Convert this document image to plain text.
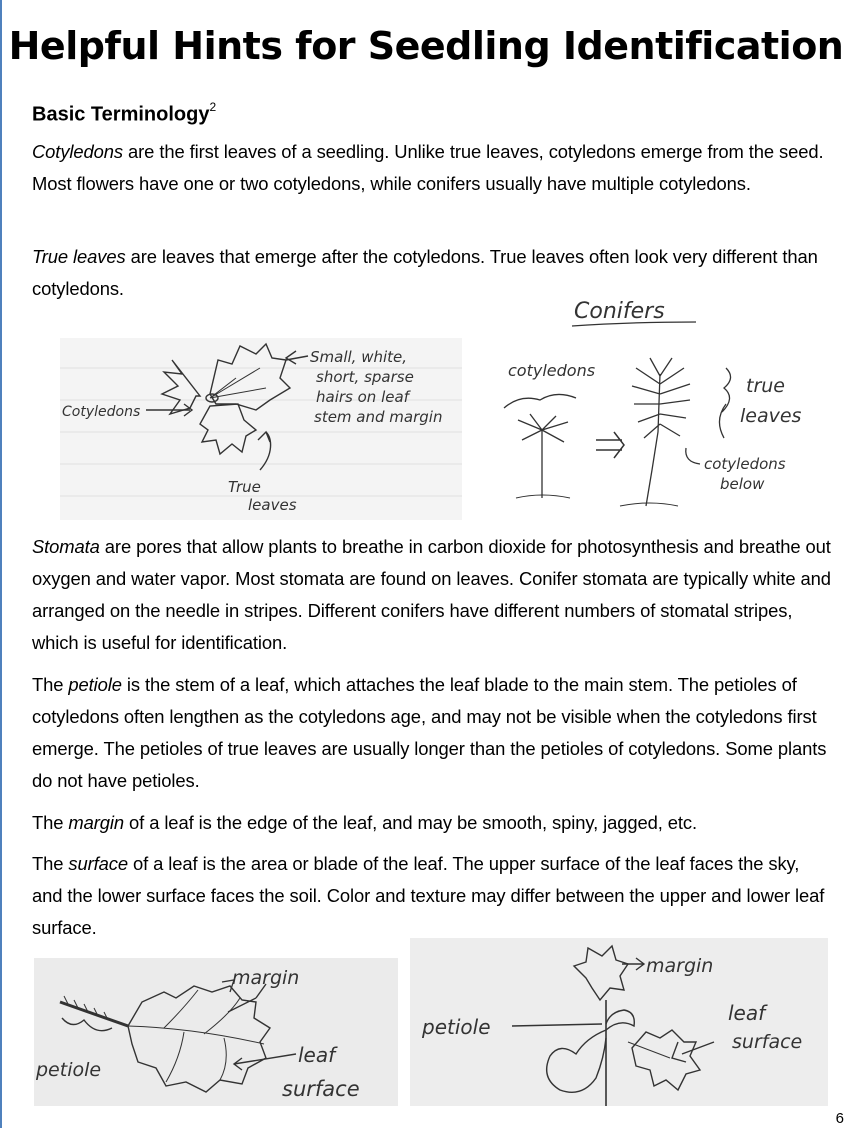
Helpful Hints for Seedling Identification

Basic Terminology$^2$

Cotyledons are the first leaves of a seedling. Unlike true leaves, cotyledons emerge from the seed. Most flowers have one or two cotyledons, while conifers usually have multiple cotyledons.

True leaves are leaves that emerge after the cotyledons. True leaves often look very different than cotyledons.

Small, white,
short, sparse
hairs on leaf
stem and margin
Cotyledons
True
leaves
Conifers
cotyledons
true
leaves
cotyledons
below

Stomata are pores that allow plants to breathe in carbon dioxide for photosynthesis and breathe out oxygen and water vapor. Most stomata are found on leaves. Conifer stomata are typically white and arranged on the needle in stripes. Different conifers have different numbers of stomatal stripes, which is useful for identification.

The petiole is the stem of a leaf, which attaches the leaf blade to the main stem. The petioles of cotyledons often lengthen as the cotyledons age, and may not be visible when the cotyledons first emerge. The petioles of true leaves are usually longer than the petioles of cotyledons. Some plants do not have petioles.

The margin of a leaf is the edge of the leaf, and may be smooth, spiny, jagged, etc.

The surface of a leaf is the area or blade of the leaf. The upper surface of the leaf faces the sky, and the lower surface faces the soil. Color and texture may differ between the upper and lower leaf surface.

margin
petiole
leaf
surface
margin
petiole
leaf
surface
6
